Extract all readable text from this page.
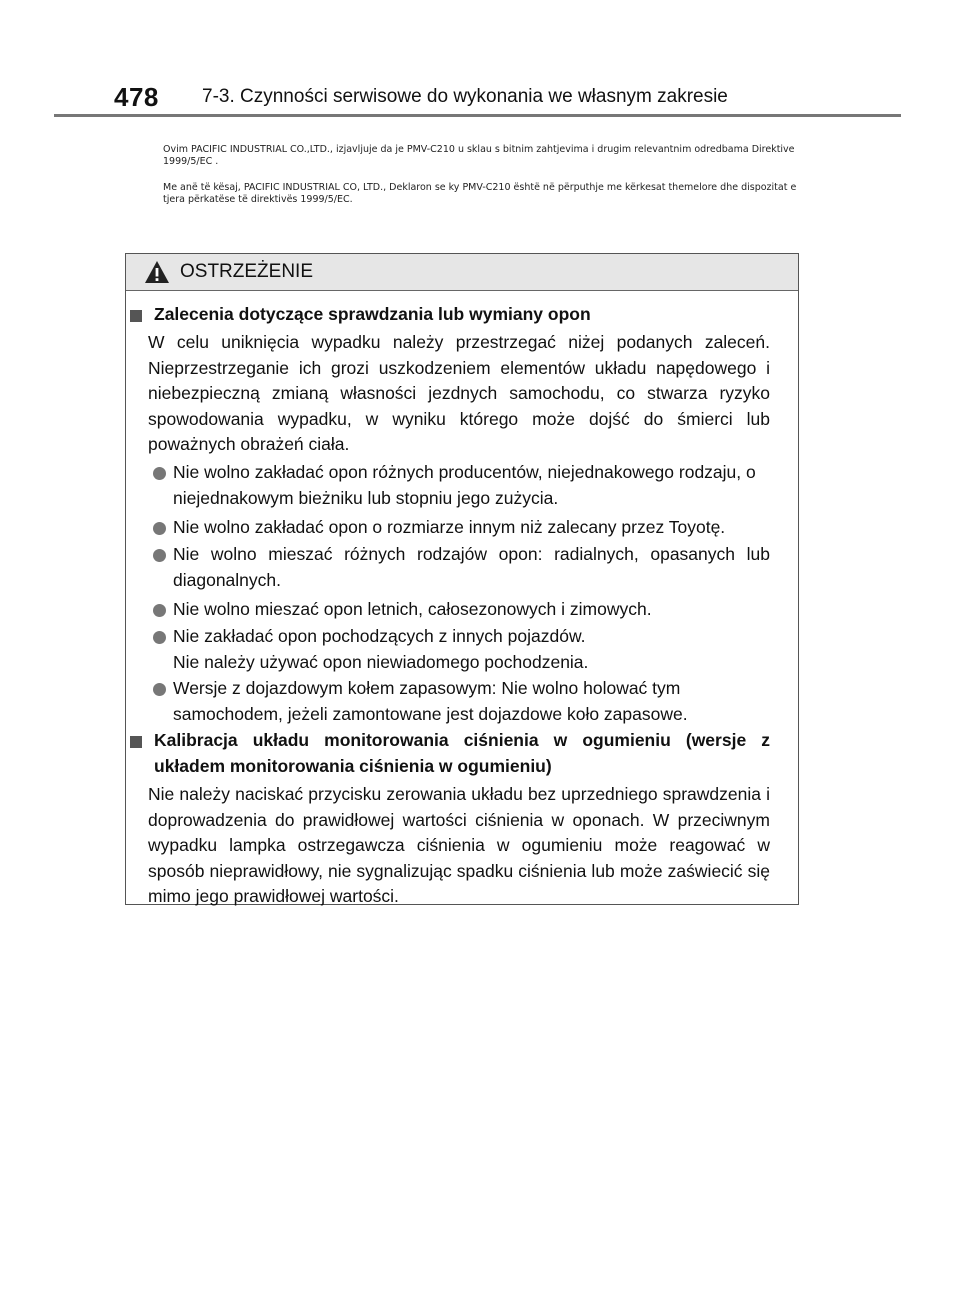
478 7-3. Czynności serwisowe do wykonania we własnym zakresie

Ovim PACIFIC INDUSTRIAL CO.,LTD., izjavljuje da je PMV-C210 u sklau s bitnim zahtjevima i drugim relevantnim odredbama Direktive 1999/5/EC .

Me anë të kësaj, PACIFIC INDUSTRIAL CO, LTD., Deklaron se ky PMV-C210 është në përputhje me kërkesat themelore dhe dispozitat e tjera përkatëse të direktivës 1999/5/EC.

OSTRZEŻENIE
Zalecenia dotyczące sprawdzania lub wymiany opon
W celu uniknięcia wypadku należy przestrzegać niżej podanych zaleceń. Nieprzestrzeganie ich grozi uszkodzeniem elementów układu napędowego i niebezpieczną zmianą własności jezdnych samochodu, co stwarza ryzyko spowodowania wypadku, w wyniku którego może dojść do śmierci lub poważnych obrażeń ciała.
Nie wolno zakładać opon różnych producentów, niejednakowego rodzaju, o niejednakowym bieżniku lub stopniu jego zużycia.
Nie wolno zakładać opon o rozmiarze innym niż zalecany przez Toyotę.
Nie wolno mieszać różnych rodzajów opon: radialnych, opasanych lub diagonalnych.
Nie wolno mieszać opon letnich, całosezonowych i zimowych.
Nie zakładać opon pochodzących z innych pojazdów.
Nie należy używać opon niewiadomego pochodzenia.
Wersje z dojazdowym kołem zapasowym: Nie wolno holować tym samochodem, jeżeli zamontowane jest dojazdowe koło zapasowe.
Kalibracja układu monitorowania ciśnienia w ogumieniu (wersje z układem monitorowania ciśnienia w ogumieniu)
Nie należy naciskać przycisku zerowania układu bez uprzedniego sprawdzenia i doprowadzenia do prawidłowej wartości ciśnienia w oponach. W przeciwnym wypadku lampka ostrzegawcza ciśnienia w ogumieniu może reagować w sposób nieprawidłowy, nie sygnalizując spadku ciśnienia lub może zaświecić się mimo jego prawidłowej wartości.
